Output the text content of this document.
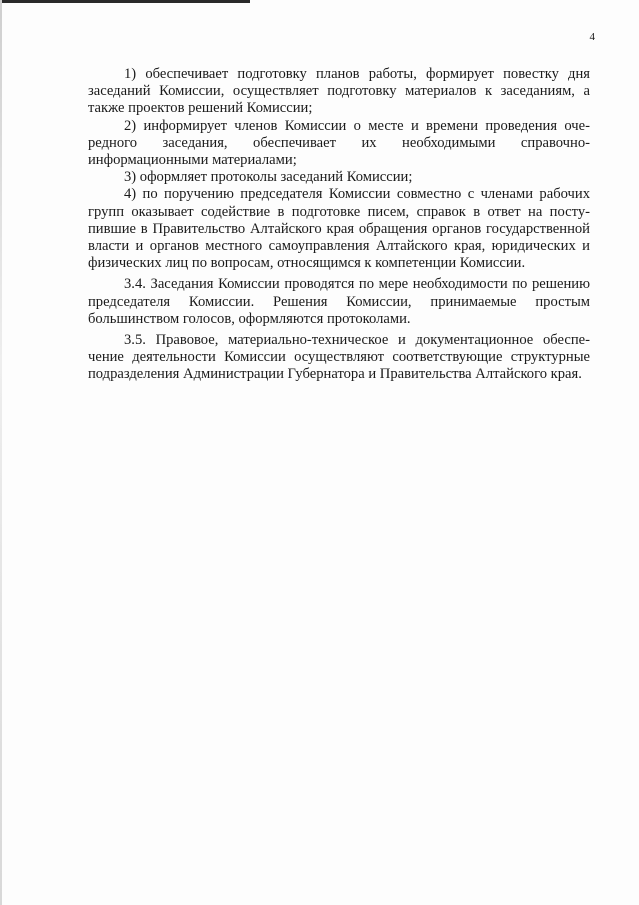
4

1) обеспечивает подготовку планов работы, формирует повестку дня заседаний Комиссии, осуществляет подготовку материалов к заседаниям, а также проектов решений Комиссии;

2) информирует членов Комиссии о месте и времени проведения очередного заседания, обеспечивает их необходимыми справочно-информационными материалами;

3) оформляет протоколы заседаний Комиссии;

4) по поручению председателя Комиссии совместно с членами рабочих групп оказывает содействие в подготовке писем, справок в ответ на поступившие в Правительство Алтайского края обращения органов государственной власти и органов местного самоуправления Алтайского края, юридических и физических лиц по вопросам, относящимся к компетенции Комиссии.

3.4. Заседания Комиссии проводятся по мере необходимости по решению председателя Комиссии. Решения Комиссии, принимаемые простым большинством голосов, оформляются протоколами.

3.5. Правовое, материально-техническое и документационное обеспечение деятельности Комиссии осуществляют соответствующие структурные подразделения Администрации Губернатора и Правительства Алтайского края.
